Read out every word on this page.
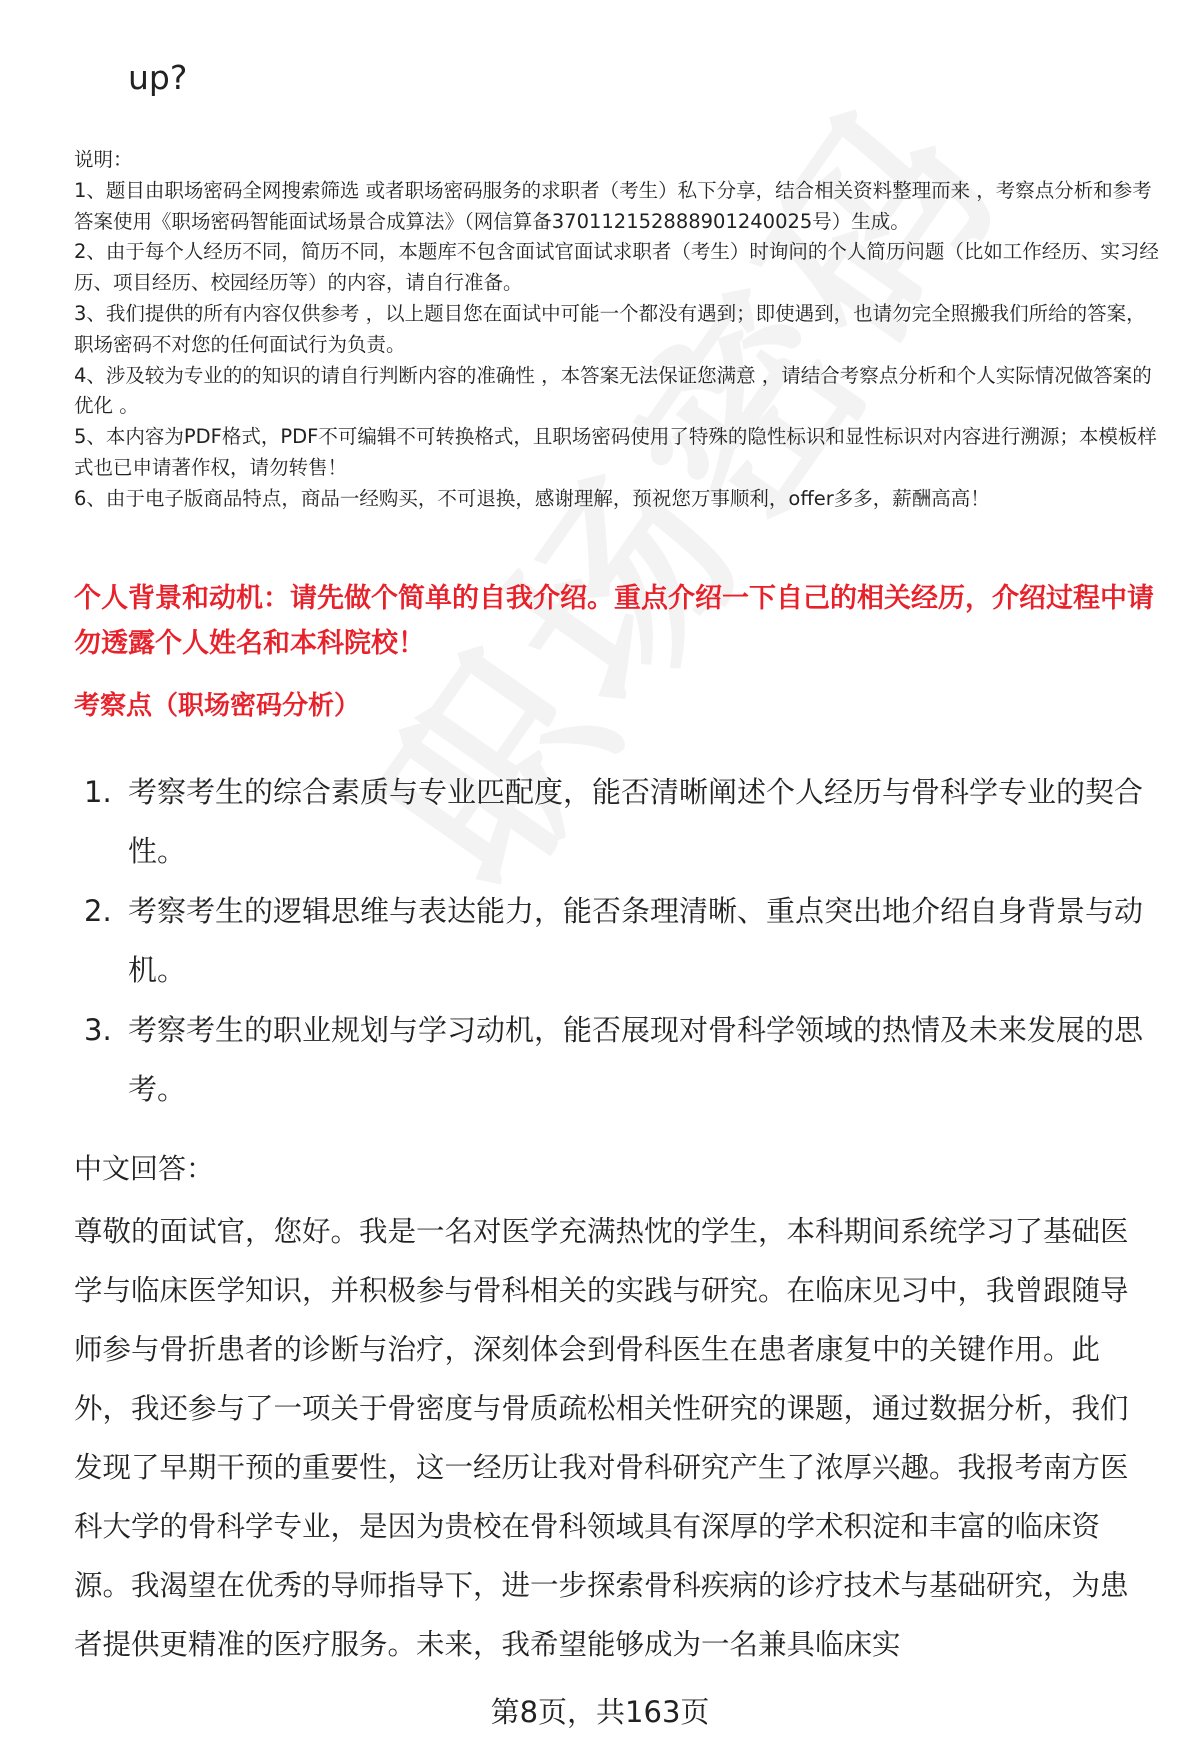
up?

说明：

1、题目由职场密码全网搜索筛选 或者职场密码服务的求职者（考生）私下分享，结合相关资料整理而来 ，考察点分析和参考答案使用《职场密码智能面试场景合成算法》（网信算备370112152888901240025号）生成。

2、由于每个人经历不同，简历不同，本题库不包含面试官面试求职者（考生）时询问的个人简历问题（比如工作经历、实习经历、项目经历、校园经历等）的内容，请自行准备。

3、我们提供的所有内容仅供参考 ，以上题目您在面试中可能一个都没有遇到；即使遇到，也请勿完全照搬我们所给的答案，职场密码不对您的任何面试行为负责。

4、涉及较为专业的的知识的请自行判断内容的准确性 ，本答案无法保证您满意 ，请结合考察点分析和个人实际情况做答案的优化 。

5、本内容为PDF格式，PDF不可编辑不可转换格式，且职场密码使用了特殊的隐性标识和显性标识对内容进行溯源；本模板样式也已申请著作权，请勿转售！

6、由于电子版商品特点，商品一经购买，不可退换，感谢理解，预祝您万事顺利，offer多多，薪酬高高！

个人背景和动机：请先做个简单的自我介绍。重点介绍一下自己的相关经历，介绍过程中请勿透露个人姓名和本科院校！
考察点（职场密码分析）
1. 考察考生的综合素质与专业匹配度，能否清晰阐述个人经历与骨科学专业的契合性。
2. 考察考生的逻辑思维与表达能力，能否条理清晰、重点突出地介绍自身背景与动机。
3. 考察考生的职业规划与学习动机，能否展现对骨科学领域的热情及未来发展的思考。
中文回答：

尊敬的面试官，您好。我是一名对医学充满热忱的学生，本科期间系统学习了基础医学与临床医学知识，并积极参与骨科相关的实践与研究。在临床见习中，我曾跟随导师参与骨折患者的诊断与治疗，深刻体会到骨科医生在患者康复中的关键作用。此外，我还参与了一项关于骨密度与骨质疏松相关性研究的课题，通过数据分析，我们发现了早期干预的重要性，这一经历让我对骨科研究产生了浓厚兴趣。我报考南方医科大学的骨科学专业，是因为贵校在骨科领域具有深厚的学术积淀和丰富的临床资源。我渴望在优秀的导师指导下，进一步探索骨科疾病的诊疗技术与基础研究，为患者提供更精准的医疗服务。未来，我希望能够成为一名兼具临床实

第8页，共163页
